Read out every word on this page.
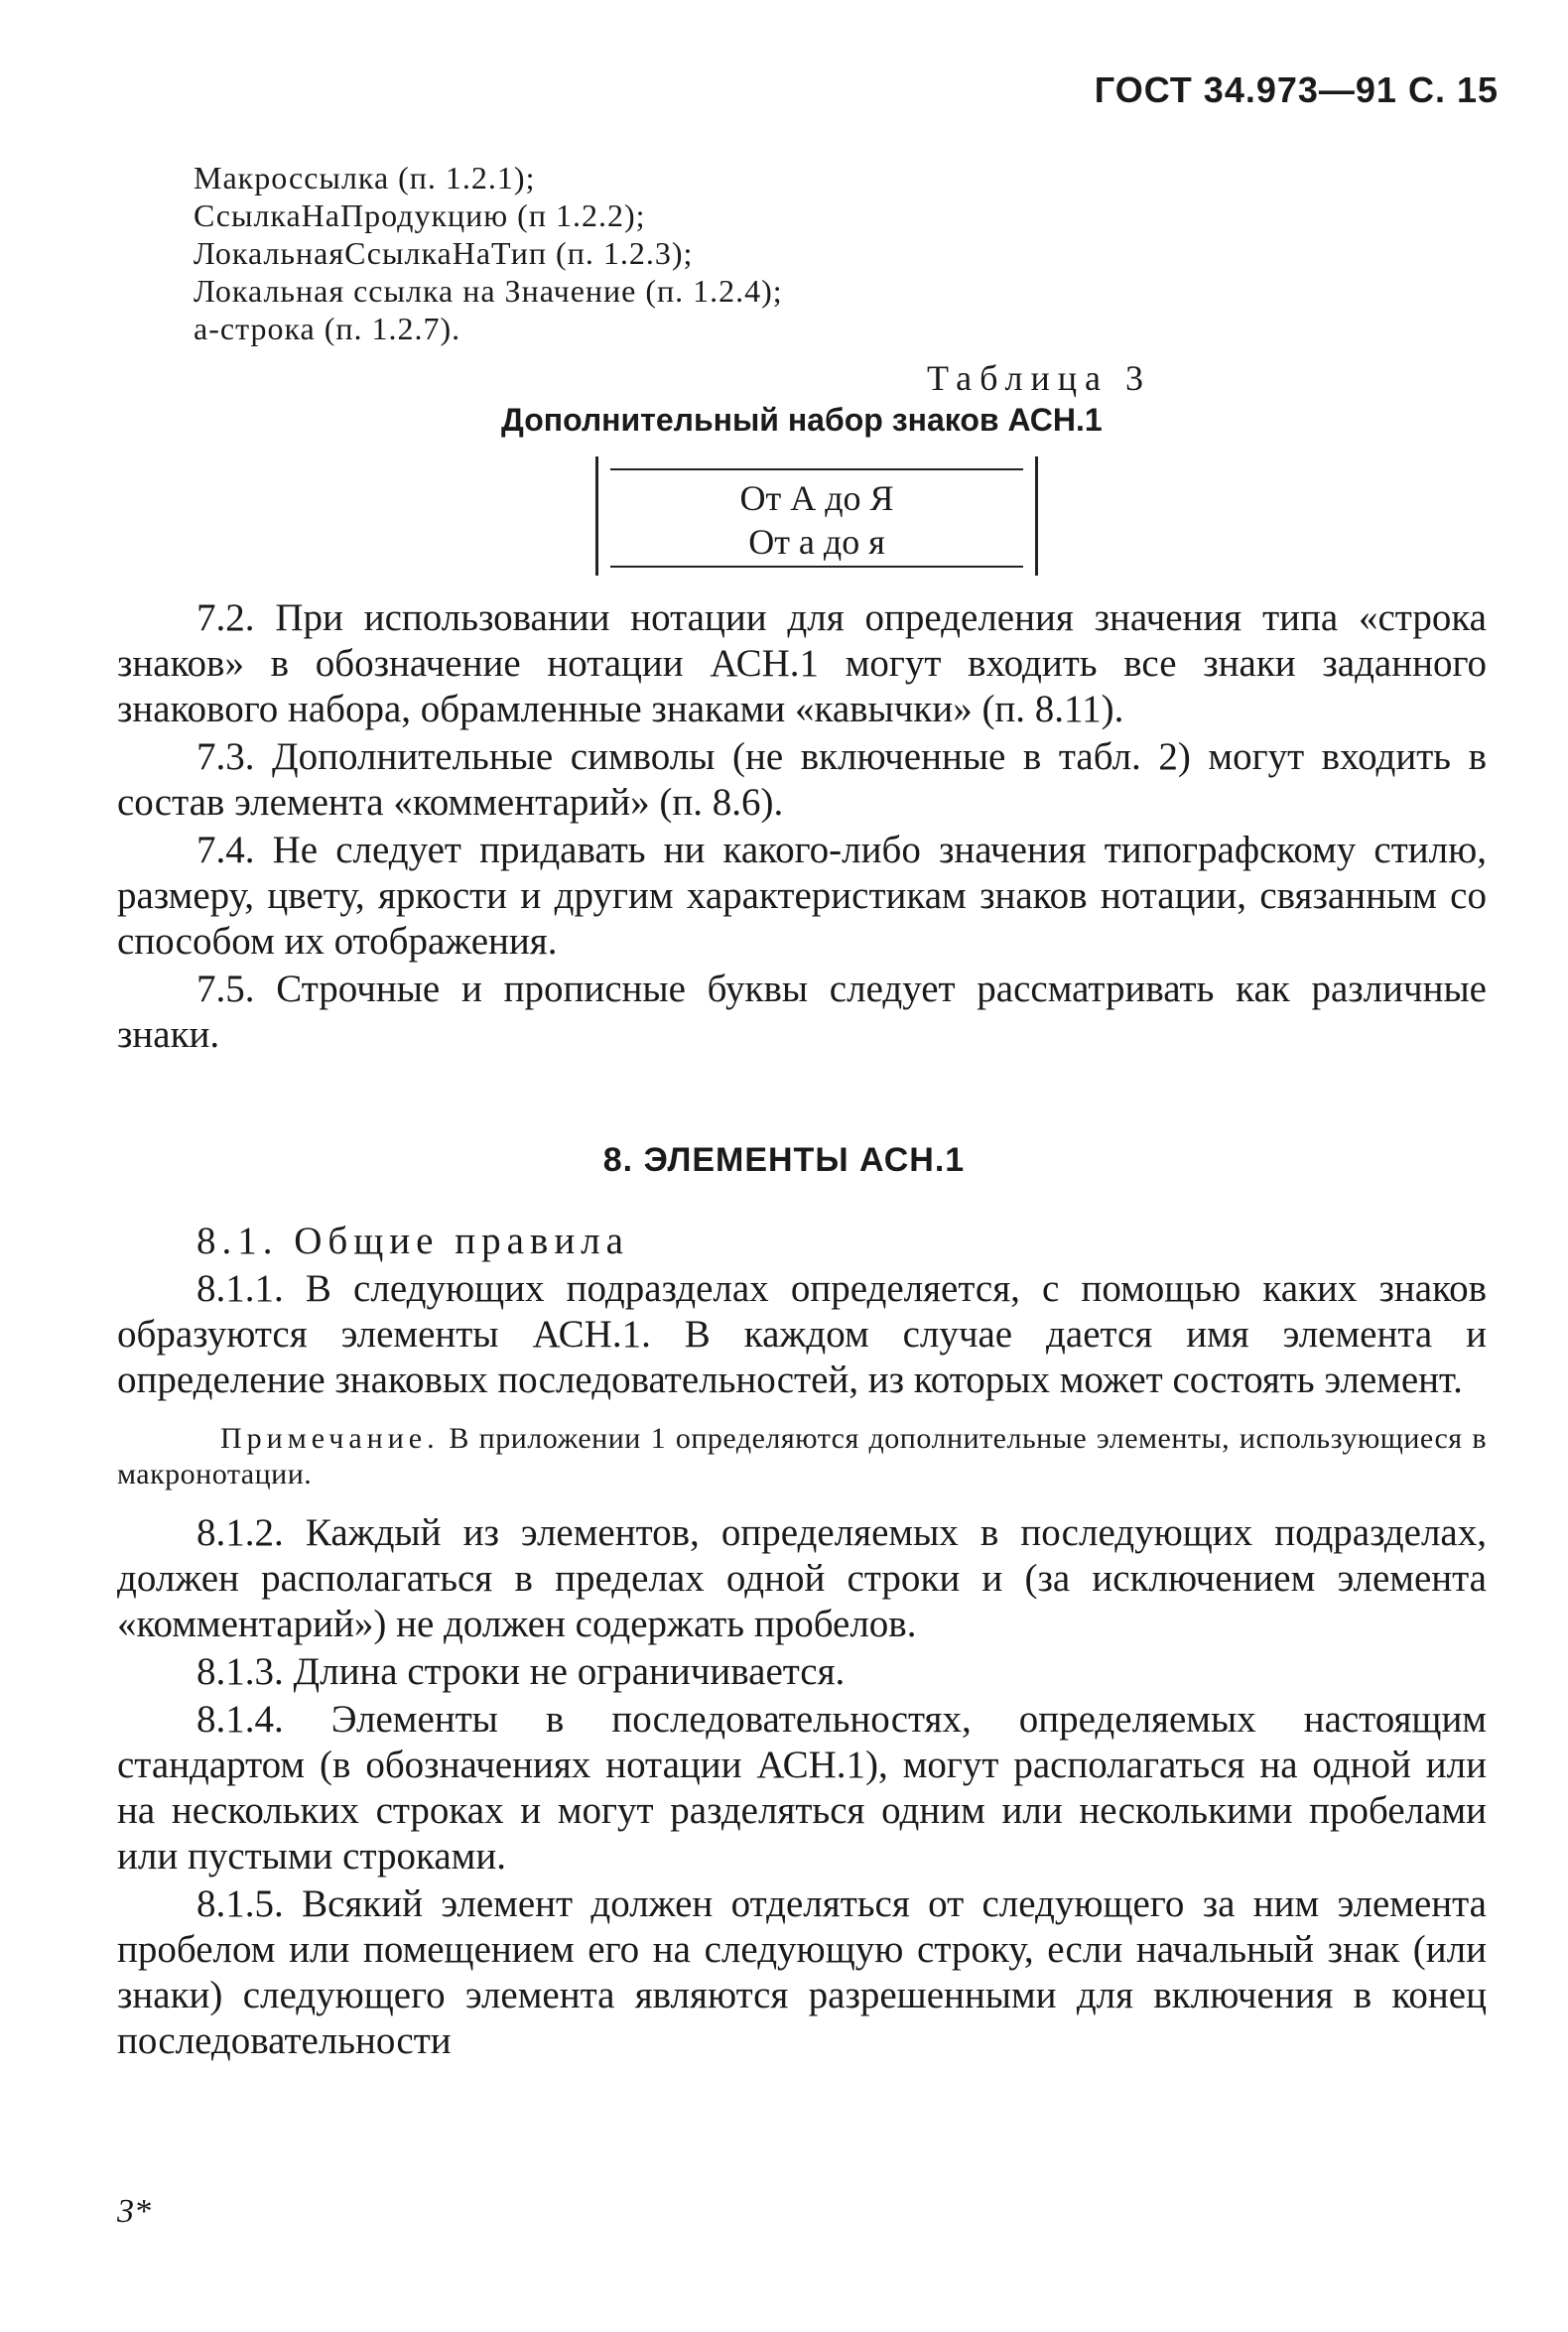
ГОСТ 34.973—91 С. 15
Макроссылка (п. 1.2.1);
СсылкаНаПродукцию (п 1.2.2);
ЛокальнаяСсылкаНаТип (п. 1.2.3);
Локальная ссылка на Значение (п. 1.2.4);
а-строка (п. 1.2.7).
Таблица 3
Дополнительный набор знаков АСН.1
От А до Я
От а до я

7.2. При использовании нотации для определения значения типа «строка знаков» в обозначение нотации АСН.1 могут входить все знаки заданного знакового набора, обрамленные знаками «кавычки» (п. 8.11).

7.3. Дополнительные символы (не включенные в табл. 2) могут входить в состав элемента «комментарий» (п. 8.6).

7.4. Не следует придавать ни какого-либо значения типографскому стилю, размеру, цвету, яркости и другим характеристикам знаков нотации, связанным со способом их отображения.

7.5. Строчные и прописные буквы следует рассматривать как различные знаки.

8. ЭЛЕМЕНТЫ АСН.1

8.1. Общие правила

8.1.1. В следующих подразделах определяется, с помощью каких знаков образуются элементы АСН.1. В каждом случае дается имя элемента и определение знаковых последовательностей, из которых может состоять элемент.

Примечание. В приложении 1 определяются дополнительные элементы, использующиеся в макронотации.

8.1.2. Каждый из элементов, определяемых в последующих подразделах, должен располагаться в пределах одной строки и (за исключением элемента «комментарий») не должен содержать пробелов.

8.1.3. Длина строки не ограничивается.

8.1.4. Элементы в последовательностях, определяемых настоящим стандартом (в обозначениях нотации АСН.1), могут располагаться на одной или на нескольких строках и могут разделяться одним или несколькими пробелами или пустыми строками.

8.1.5. Всякий элемент должен отделяться от следующего за ним элемента пробелом или помещением его на следующую строку, если начальный знак (или знаки) следующего элемента являются разрешенными для включения в конец последовательности

3*
